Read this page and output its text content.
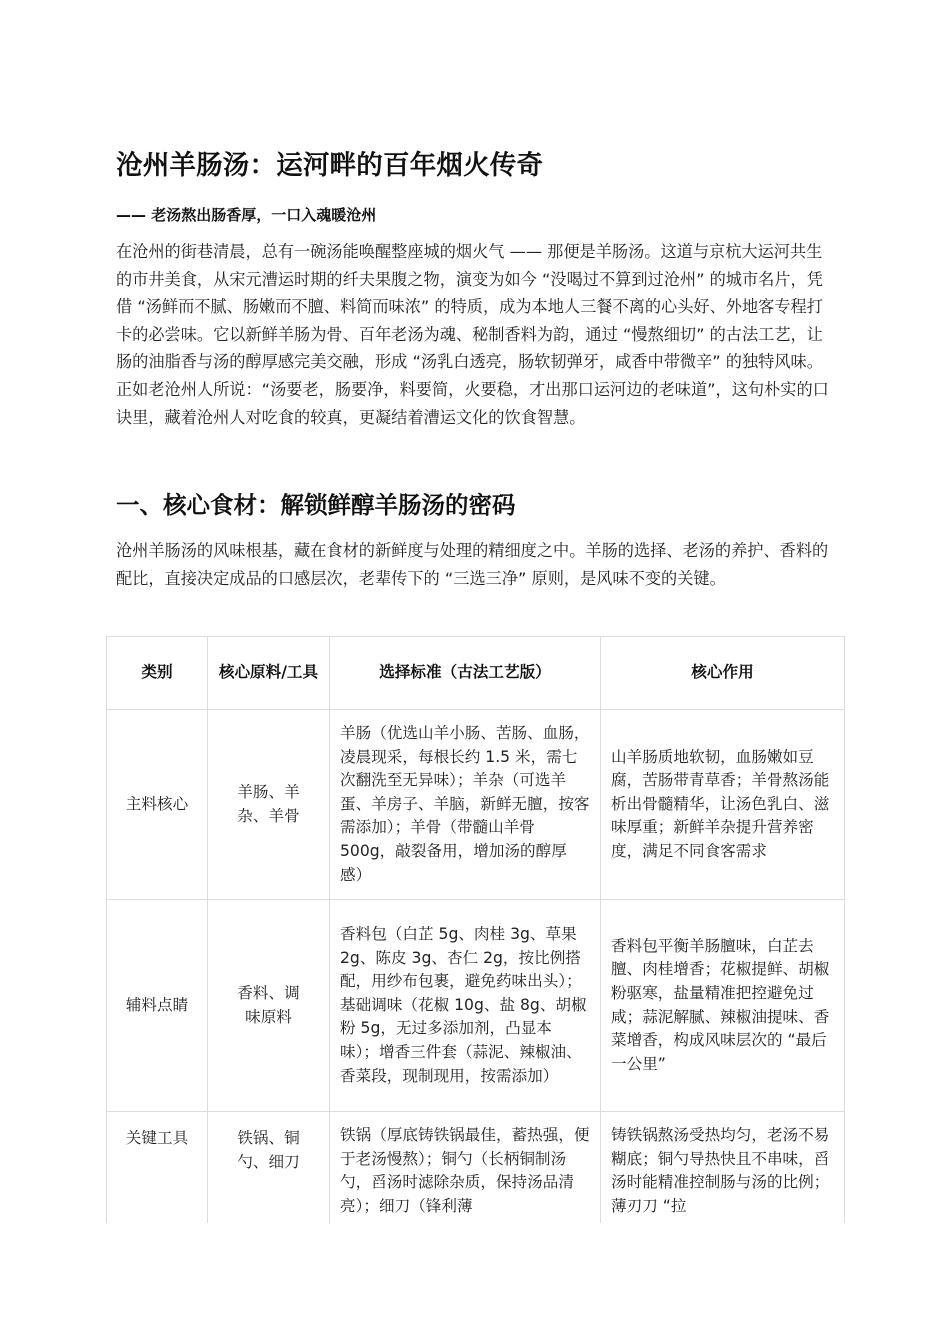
沧州羊肠汤：运河畔的百年烟火传奇

—— 老汤熬出肠香厚，一口入魂暖沧州

在沧州的街巷清晨，总有一碗汤能唤醒整座城的烟火气 —— 那便是羊肠汤。这道与京杭大运河共生的市井美食，从宋元漕运时期的纤夫果腹之物，演变为如今 “没喝过不算到过沧州” 的城市名片，凭借 “汤鲜而不腻、肠嫩而不膻、料简而味浓” 的特质，成为本地人三餐不离的心头好、外地客专程打卡的必尝味。它以新鲜羊肠为骨、百年老汤为魂、秘制香料为韵，通过 “慢熬细切” 的古法工艺，让肠的油脂香与汤的醇厚感完美交融，形成 “汤乳白透亮，肠软韧弹牙，咸香中带微辛” 的独特风味。正如老沧州人所说：“汤要老，肠要净，料要简，火要稳，才出那口运河边的老味道”，这句朴实的口诀里，藏着沧州人对吃食的较真，更凝结着漕运文化的饮食智慧。

一、核心食材：解锁鲜醇羊肠汤的密码

沧州羊肠汤的风味根基，藏在食材的新鲜度与处理的精细度之中。羊肠的选择、老汤的养护、香料的配比，直接决定成品的口感层次，老辈传下的 “三选三净” 原则，是风味不变的关键。

类别	核心原料/工具	选择标准（古法工艺版）	核心作用
主料核心	羊肠、羊杂、羊骨	羊肠（优选山羊小肠、苦肠、血肠，凌晨现采，每根长约 1.5 米，需七次翻洗至无异味）；羊杂（可选羊蛋、羊房子、羊脑，新鲜无膻，按客需添加）；羊骨（带髓山羊骨 500g，敲裂备用，增加汤的醇厚感）	山羊肠质地软韧，血肠嫩如豆腐，苦肠带青草香；羊骨熬汤能析出骨髓精华，让汤色乳白、滋味厚重；新鲜羊杂提升营养密度，满足不同食客需求
辅料点睛	香料、调味原料	香料包（白芷 5g、肉桂 3g、草果 2g、陈皮 3g、杏仁 2g，按比例搭配，用纱布包裹，避免药味出头）；基础调味（花椒 10g、盐 8g、胡椒粉 5g，无过多添加剂，凸显本味）；增香三件套（蒜泥、辣椒油、香菜段，现制现用，按需添加）	香料包平衡羊肠膻味，白芷去膻、肉桂增香；花椒提鲜、胡椒粉驱寒，盐量精准把控避免过咸；蒜泥解腻、辣椒油提味、香菜增香，构成风味层次的 “最后一公里”
关键工具	铁锅、铜勺、细刀	铁锅（厚底铸铁锅最佳，蓄热强，便于老汤慢熬）；铜勺（长柄铜制汤勺，舀汤时滤除杂质，保持汤品清亮）；细刀（锋利薄	铸铁锅熬汤受热均匀，老汤不易糊底；铜勺导热快且不串味，舀汤时能精准控制肠与汤的比例；薄刃刀 “拉
